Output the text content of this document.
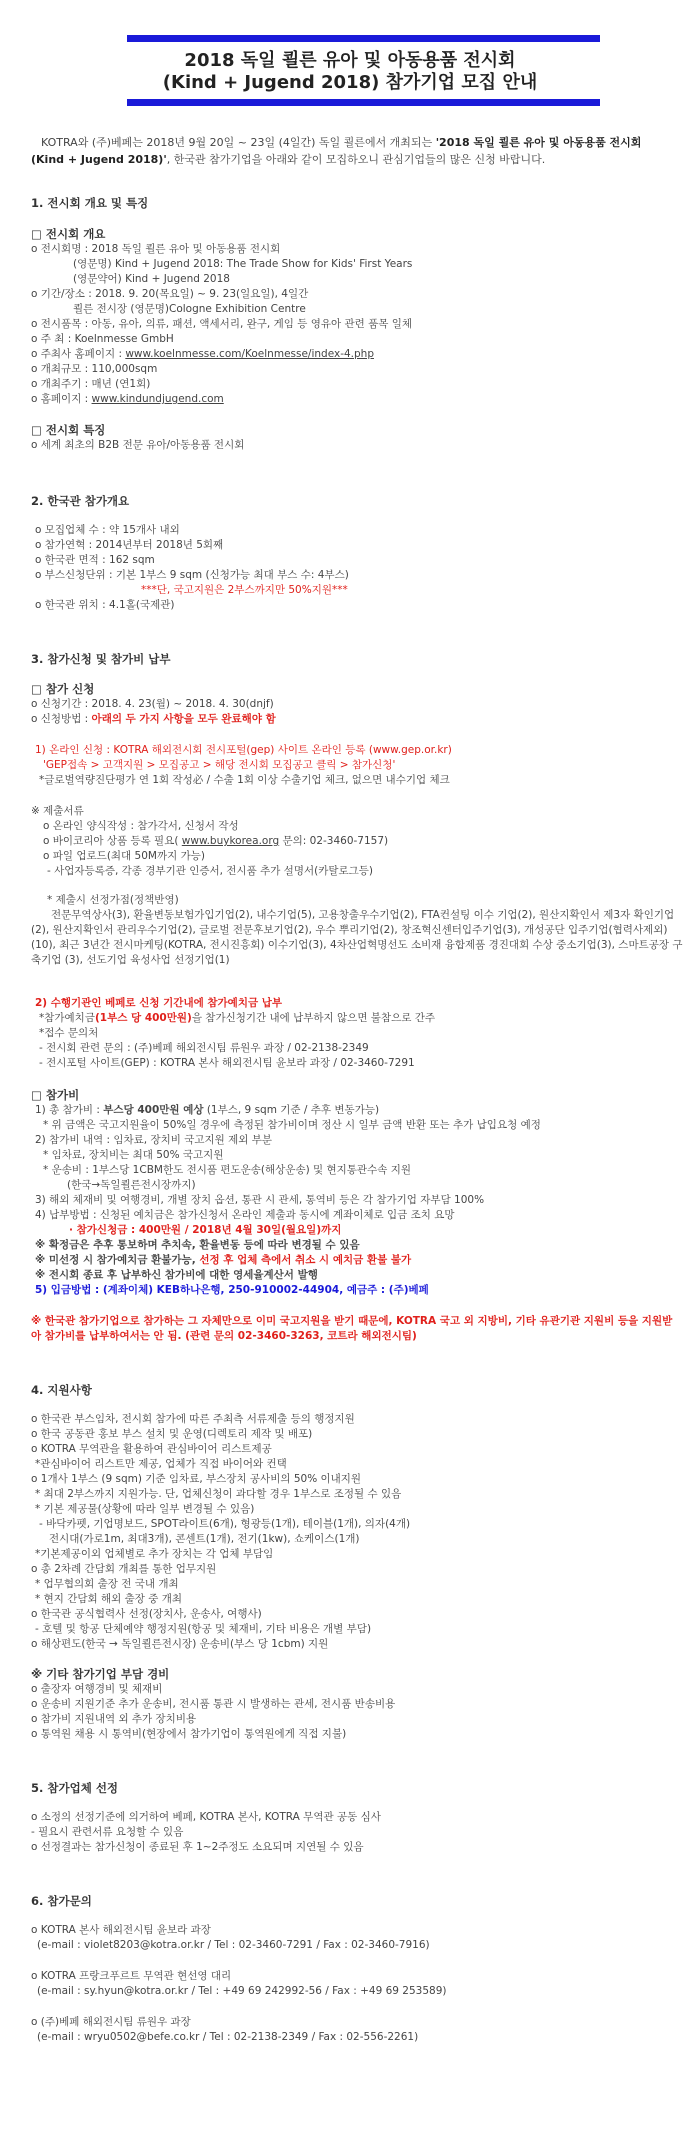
2018 독일 쾰른 유아 및 아동용품 전시회
(Kind + Jugend 2018) 참가기업 모집 안내
KOTRA와 (주)베페는 2018년 9월 20일 ~ 23일 (4일간) 독일 쾰른에서 개최되는 '2018 독일 쾰른 유아 및 아동용품 전시회 (Kind + Jugend 2018)', 한국관 참가기업을 아래와 같이 모집하오니 관심기업들의 많은 신청 바랍니다.
1. 전시회 개요 및 특징
□ 전시회 개요
o 전시회명 : 2018 독일 쾰른 유아 및 아동용품 전시회
(영문명) Kind + Jugend 2018: The Trade Show for Kids' First Years
(영문약어) Kind + Jugend 2018
o 기간/장소 : 2018. 9. 20(목요일) ~ 9. 23(일요일), 4일간
쾰른 전시장 (영문명)Cologne Exhibition Centre
o 전시품목 : 아동, 유아, 의류, 패션, 액세서리, 완구, 게임 등 영유아 관련 품목 일체
o 주 최 : Koelnmesse GmbH
o 주최사 홈페이지 : www.koelnmesse.com/Koelnmesse/index-4.php
o 개최규모 : 110,000sqm
o 개최주기 : 매년 (연1회)
o 홈페이지 : www.kindundjugend.com
□ 전시회 특징
o 세계 최초의 B2B 전문 유아/아동용품 전시회
2. 한국관 참가개요
o 모집업체 수 : 약 15개사 내외
o 참가연혁 : 2014년부터 2018년 5회째
o 한국관 면적 : 162 sqm
o 부스신청단위 : 기본 1부스 9 sqm (신청가능 최대 부스 수: 4부스)
***단, 국고지원은 2부스까지만 50%지원***
o 한국관 위치 : 4.1홀(국제관)
3. 참가신청 및 참가비 납부
□ 참가 신청
o 신청기간 : 2018. 4. 23(월) ~ 2018. 4. 30(dnjf)
o 신청방법 : 아래의 두 가지 사항을 모두 완료해야 함
1) 온라인 신청 : KOTRA 해외전시회 전시포털(gep) 사이트 온라인 등록 (www.gep.or.kr)
'GEP접속 > 고객지원 > 모집공고 > 해당 전시회 모집공고 클릭 > 참가신청'
*글로벌역량진단평가 연 1회 작성必 / 수출 1회 이상 수출기업 체크, 없으면 내수기업 체크
※ 제출서류
o 온라인 양식작성 : 참가각서, 신청서 작성
o 바이코리아 상품 등록 필요( www.buykorea.org 문의: 02-3460-7157)
o 파일 업로드(최대 50M까지 가능)
- 사업자등록증, 각종 경부기관 인증서, 전시품 추가 설명서(카탈로그등)
* 제출시 선정가점(정책반영)
전문무역상사(3), 환율변동보험가입기업(2), 내수기업(5), 고용창출우수기업(2), FTA컨설팅 이수 기업(2), 원산지확인서 제3자 확인기업(2), 원산지확인서 관리우수기업(2), 글로벌 전문후보기업(2), 우수 뿌리기업(2), 창조혁신센터입주기업(3), 개성공단 입주기업(협력사제외)(10), 최근 3년간 전시마케팅(KOTRA, 전시진흥회) 이수기업(3), 4차산업혁명선도 소비재 융합제품 경진대회 수상 중소기업(3), 스마트공장 구축기업 (3), 선도기업 육성사업 선정기업(1)
2) 수행기관인 베페로 신청 기간내에 참가예치금 납부
*참가예치금(1부스 당 400만원)을 참가신청기간 내에 납부하지 않으면 불참으로 간주
*접수 문의처
- 전시회 관련 문의 : (주)베페 해외전시팀 류원우 과장 / 02-2138-2349
- 전시포털 사이트(GEP) : KOTRA 본사 해외전시팀 윤보라 과장 / 02-3460-7291
□ 참가비
1) 총 참가비 : 부스당 400만원 예상 (1부스, 9 sqm 기준 / 추후 변동가능)
* 위 금액은 국고지원율이 50%일 경우에 측정된 참가비이며 정산 시 일부 금액 반환 또는 추가 납입요청 예정
2) 참가비 내역 : 임차료, 장치비 국고지원 제외 부분
* 임차료, 장치비는 최대 50% 국고지원
* 운송비 : 1부스당 1CBM한도 전시품 편도운송(해상운송) 및 현지통관수속 지원
(한국→독일쾰른전시장까지)
3) 해외 체재비 및 여행경비, 개별 장치 옵션, 통관 시 관세, 통역비 등은 각 참가기업 자부담 100%
4) 납부방법 : 신청된 예치금은 참가신청서 온라인 제출과 동시에 계좌이체로 입금 조치 요망
· 참가신청금 : 400만원 / 2018년 4월 30일(월요일)까지
※ 확정금은 추후 통보하며 추치속, 환율변동 등에 따라 변경될 수 있음
※ 미선정 시 참가예치금 환불가능, 선정 후 업체 측에서 취소 시 예치금 환불 불가
※ 전시회 종료 후 납부하신 참가비에 대한 영세율계산서 발행
5) 입금방법 : (계좌이체) KEB하나은행, 250-910002-44904, 예금주 : (주)베페
※ 한국관 참가기업으로 참가하는 그 자체만으로 이미 국고지원을 받기 때문에, KOTRA 국고 외 지방비, 기타 유관기관 지원비 등을 지원받아 참가비를 납부하여서는 안 됨. (관련 문의 02-3460-3263, 코트라 해외전시팀)
4. 지원사항
o 한국관 부스임차, 전시회 참가에 따른 주최측 서류제출 등의 행정지원
o 한국 공동관 홍보 부스 설치 및 운영(디렉토리 제작 및 배포)
o KOTRA 무역관을 활용하여 관심바이어 리스트제공
*관심바이어 리스트만 제공, 업체가 직접 바이어와 컨택
o 1개사 1부스 (9 sqm) 기준 임차료, 부스장치 공사비의 50% 이내지원
* 최대 2부스까지 지원가능. 단, 업체신청이 과다할 경우 1부스로 조정될 수 있음
* 기본 제공물(상황에 따라 일부 변경될 수 있음)
- 바닥카펫, 기업명보드, SPOT라이트(6개), 형광등(1개), 테이블(1개), 의자(4개)
전시대(가로1m, 최대3개), 콘센트(1개), 전기(1kw), 쇼케이스(1개)
*기본제공이외 업체별로 추가 장치는 각 업체 부담임
o 총 2차례 간담회 개최를 통한 업무지원
* 업무협의회 출장 전 국내 개최
* 현지 간담회 해외 출장 중 개최
o 한국관 공식협력사 선정(장치사, 운송사, 여행사)
- 호텔 및 항공 단체예약 행정지원(항공 및 체재비, 기타 비용은 개별 부담)
o 해상편도(한국 → 독일쾰른전시장) 운송비(부스 당 1cbm) 지원
※ 기타 참가기업 부담 경비
o 출장자 여행경비 및 체재비
o 운송비 지원기준 추가 운송비, 전시품 통관 시 발생하는 관세, 전시품 반송비용
o 참가비 지원내역 외 추가 장치비용
o 통역원 채용 시 통역비(현장에서 참가기업이 통역원에게 직접 지불)
5. 참가업체 선정
o 소정의 선정기준에 의거하여 베페, KOTRA 본사, KOTRA 무역관 공동 심사
- 필요시 관련서류 요청할 수 있음
o 선정결과는 참가신청이 종료된 후 1~2주정도 소요되며 지연될 수 있음
6. 참가문의
o KOTRA 본사 해외전시팀 윤보라 과장
(e-mail : violet8203@kotra.or.kr / Tel : 02-3460-7291 / Fax : 02-3460-7916)
o KOTRA 프랑크푸르트 무역관 현선영 대리
(e-mail : sy.hyun@kotra.or.kr / Tel : +49 69 242992-56 / Fax : +49 69 253589)
o (주)베페 해외전시팀 류원우 과장
(e-mail : wryu0502@befe.co.kr / Tel : 02-2138-2349 / Fax : 02-556-2261)
